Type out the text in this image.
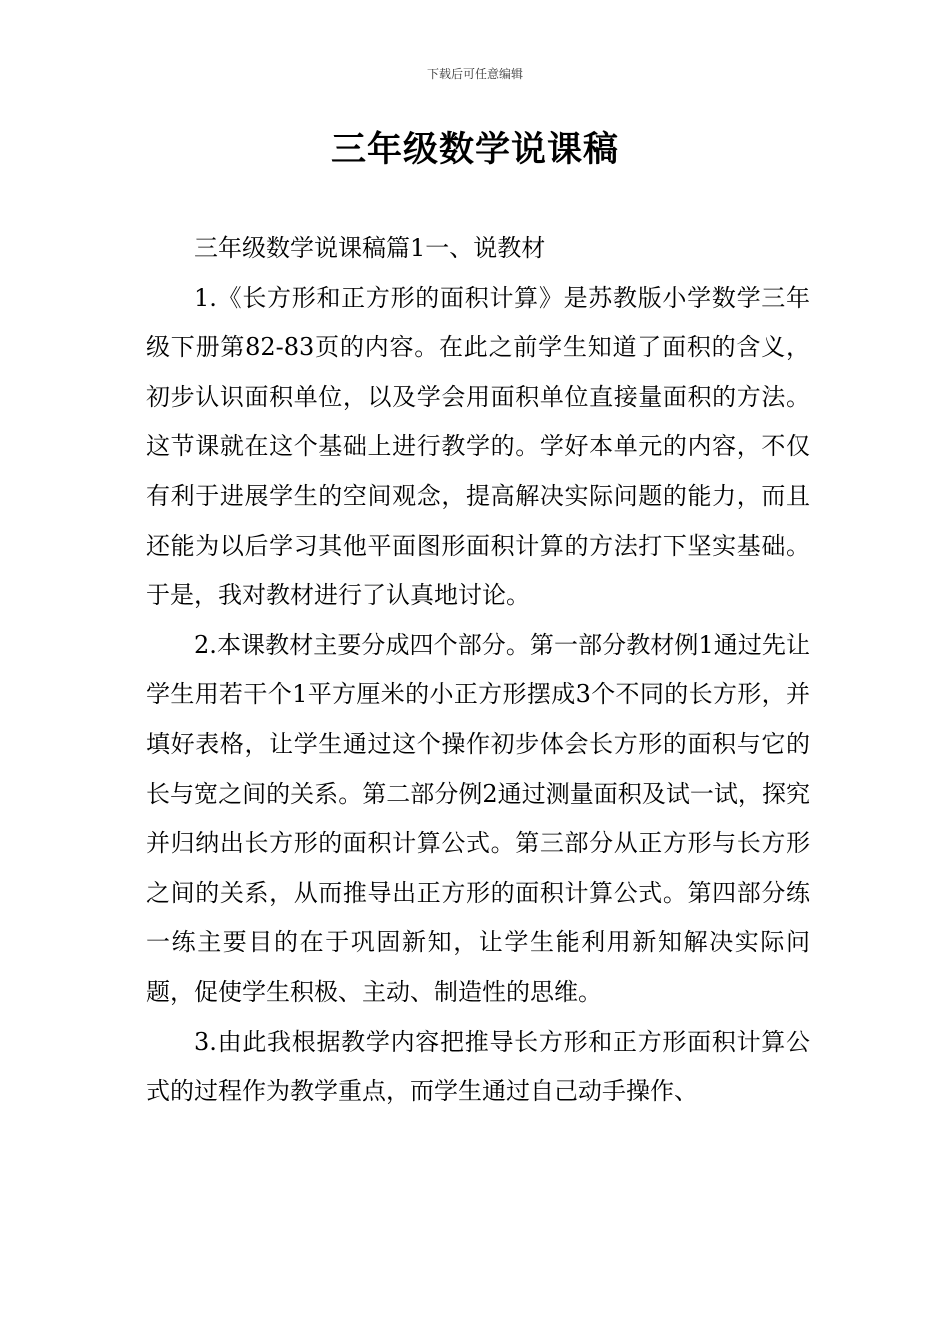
下载后可任意编辑
三年级数学说课稿

三年级数学说课稿篇1一、说教材

1.《长方形和正方形的面积计算》是苏教版小学数学三年级下册第82-83页的内容。在此之前学生知道了面积的含义，初步认识面积单位，以及学会用面积单位直接量面积的方法。这节课就在这个基础上进行教学的。学好本单元的内容，不仅有利于进展学生的空间观念，提高解决实际问题的能力，而且还能为以后学习其他平面图形面积计算的方法打下坚实基础。于是，我对教材进行了认真地讨论。

2.本课教材主要分成四个部分。第一部分教材例1通过先让学生用若干个1平方厘米的小正方形摆成3个不同的长方形，并填好表格，让学生通过这个操作初步体会长方形的面积与它的长与宽之间的关系。第二部分例2通过测量面积及试一试，探究并归纳出长方形的面积计算公式。第三部分从正方形与长方形之间的关系，从而推导出正方形的面积计算公式。第四部分练一练主要目的在于巩固新知，让学生能利用新知解决实际问题，促使学生积极、主动、制造性的思维。

3.由此我根据教学内容把推导长方形和正方形面积计算公式的过程作为教学重点，而学生通过自己动手操作、
